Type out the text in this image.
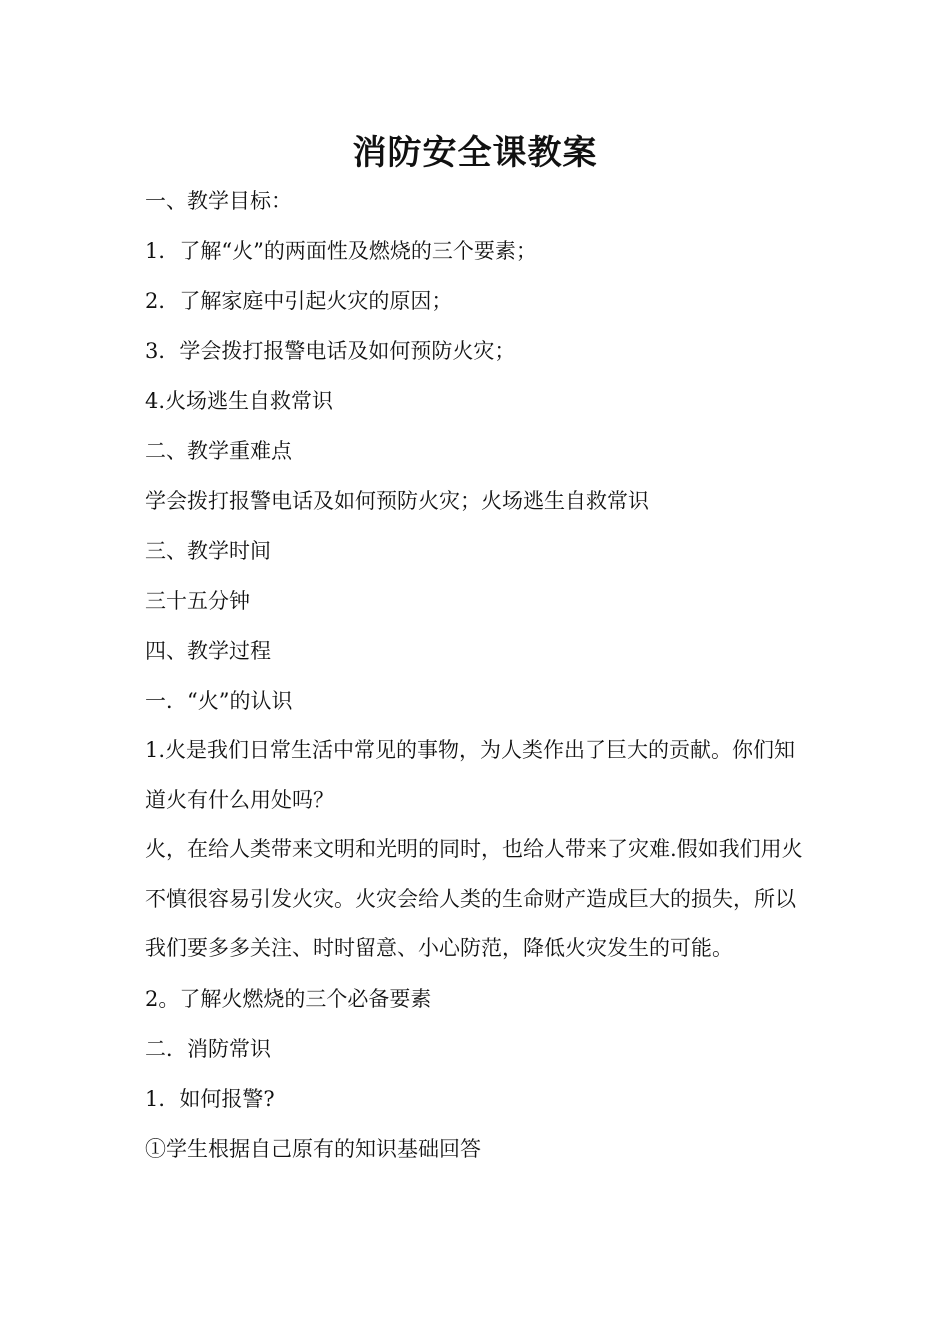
消防安全课教案
一、教学目标：
1．了解“火”的两面性及燃烧的三个要素；
2．了解家庭中引起火灾的原因；
3．学会拨打报警电话及如何预防火灾；
4.火场逃生自救常识
二、教学重难点
学会拨打报警电话及如何预防火灾；火场逃生自救常识
三、教学时间
三十五分钟
四、教学过程
一．“火”的认识
1.火是我们日常生活中常见的事物，为人类作出了巨大的贡献。你们知道火有什么用处吗？
火，在给人类带来文明和光明的同时，也给人带来了灾难.假如我们用火不慎很容易引发火灾。火灾会给人类的生命财产造成巨大的损失，所以我们要多多关注、时时留意、小心防范，降低火灾发生的可能。
2。了解火燃烧的三个必备要素
二．消防常识
1．如何报警?
①学生根据自己原有的知识基础回答
